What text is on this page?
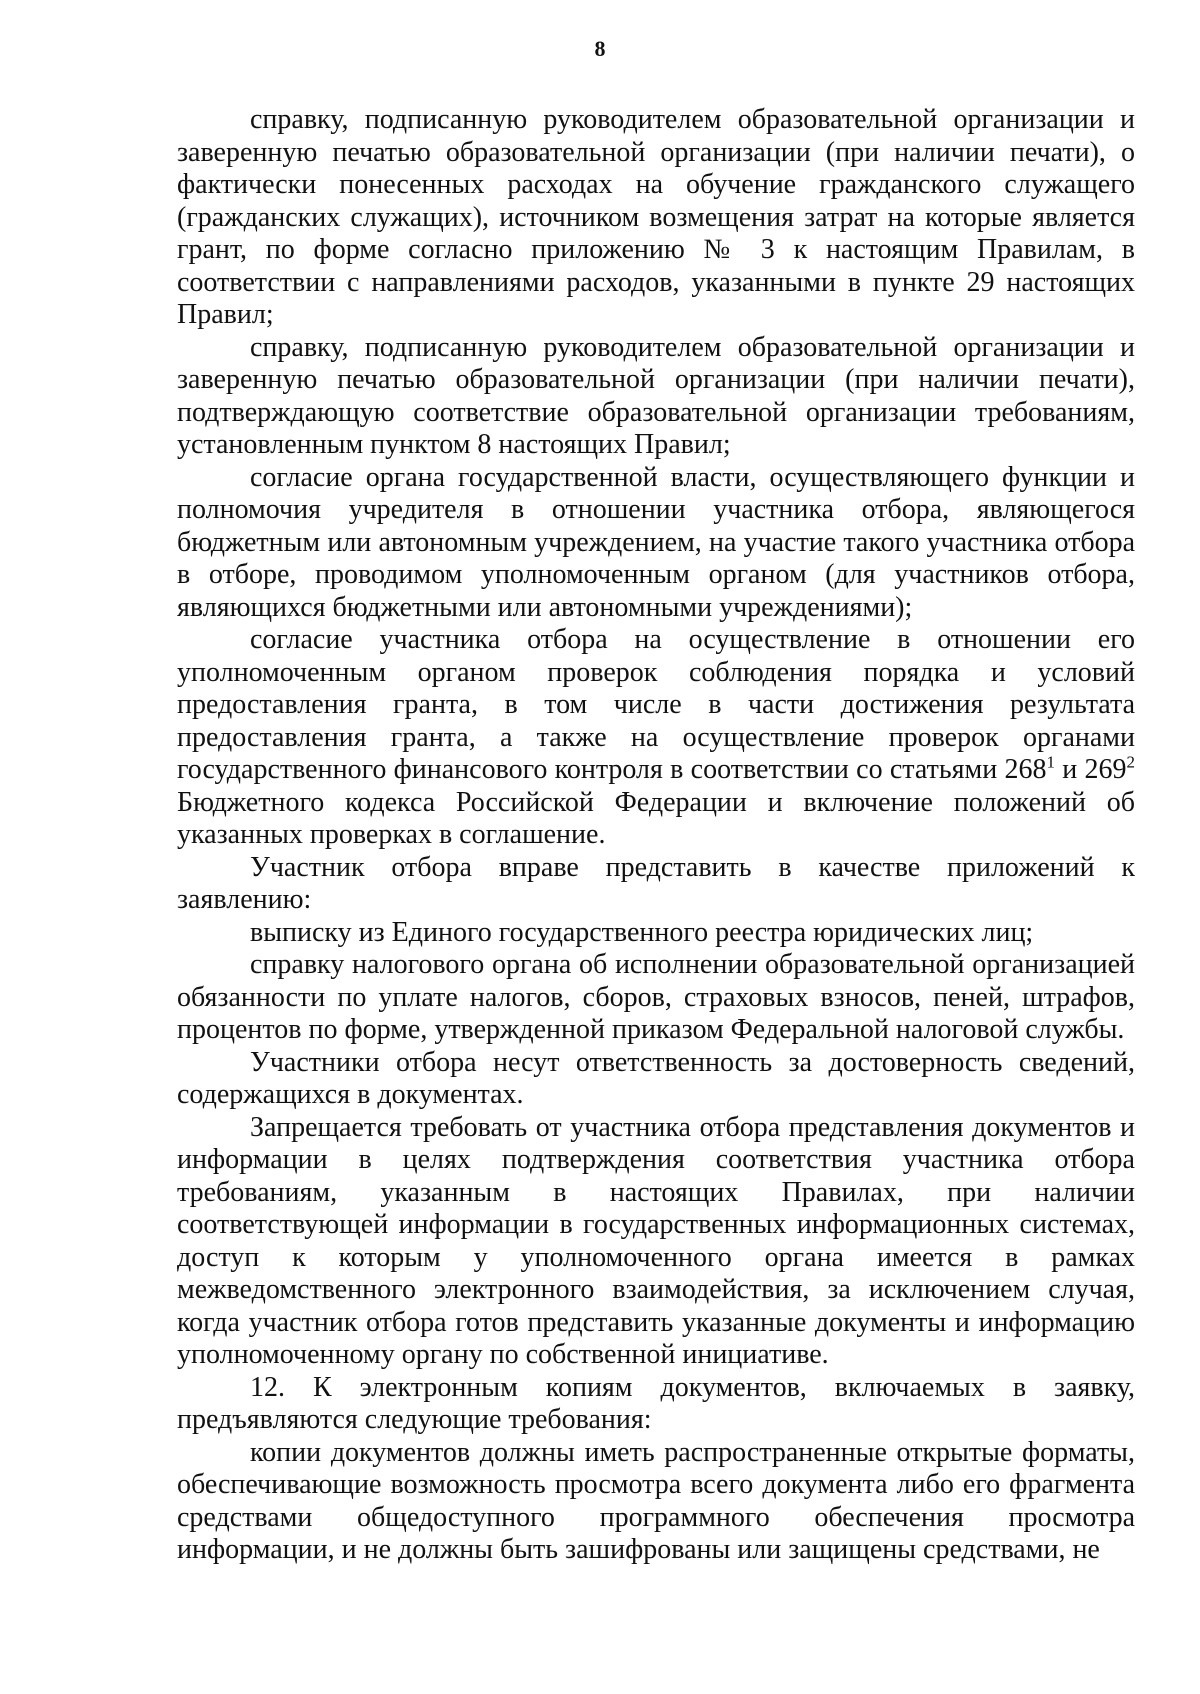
8

справку, подписанную руководителем образовательной организации и заверенную печатью образовательной организации (при наличии печати), о фактически понесенных расходах на обучение гражданского служащего (гражданских служащих), источником возмещения затрат на которые является грант, по форме согласно приложению № 3 к настоящим Правилам, в соответствии с направлениями расходов, указанными в пункте 29 настоящих Правил;

справку, подписанную руководителем образовательной организации и заверенную печатью образовательной организации (при наличии печати), подтверждающую соответствие образовательной организации требованиям, установленным пунктом 8 настоящих Правил;

согласие органа государственной власти, осуществляющего функции и полномочия учредителя в отношении участника отбора, являющегося бюджетным или автономным учреждением, на участие такого участника отбора в отборе, проводимом уполномоченным органом (для участников отбора, являющихся бюджетными или автономными учреждениями);

согласие участника отбора на осуществление в отношении его уполномоченным органом проверок соблюдения порядка и условий предоставления гранта, в том числе в части достижения результата предоставления гранта, а также на осуществление проверок органами государственного финансового контроля в соответствии со статьями $268^1$ и $269^2$ Бюджетного кодекса Российской Федерации и включение положений об указанных проверках в соглашение.

Участник отбора вправе представить в качестве приложений к заявлению:

выписку из Единого государственного реестра юридических лиц;

справку налогового органа об исполнении образовательной организацией обязанности по уплате налогов, сборов, страховых взносов, пеней, штрафов, процентов по форме, утвержденной приказом Федеральной налоговой службы.

Участники отбора несут ответственность за достоверность сведений, содержащихся в документах.

Запрещается требовать от участника отбора представления документов и информации в целях подтверждения соответствия участника отбора требованиям, указанным в настоящих Правилах, при наличии соответствующей информации в государственных информационных системах, доступ к которым у уполномоченного органа имеется в рамках межведомственного электронного взаимодействия, за исключением случая, когда участник отбора готов представить указанные документы и информацию уполномоченному органу по собственной инициативе.

12. К электронным копиям документов, включаемых в заявку, предъявляются следующие требования:

копии документов должны иметь распространенные открытые форматы, обеспечивающие возможность просмотра всего документа либо его фрагмента средствами общедоступного программного обеспечения просмотра информации, и не должны быть зашифрованы или защищены средствами, не
